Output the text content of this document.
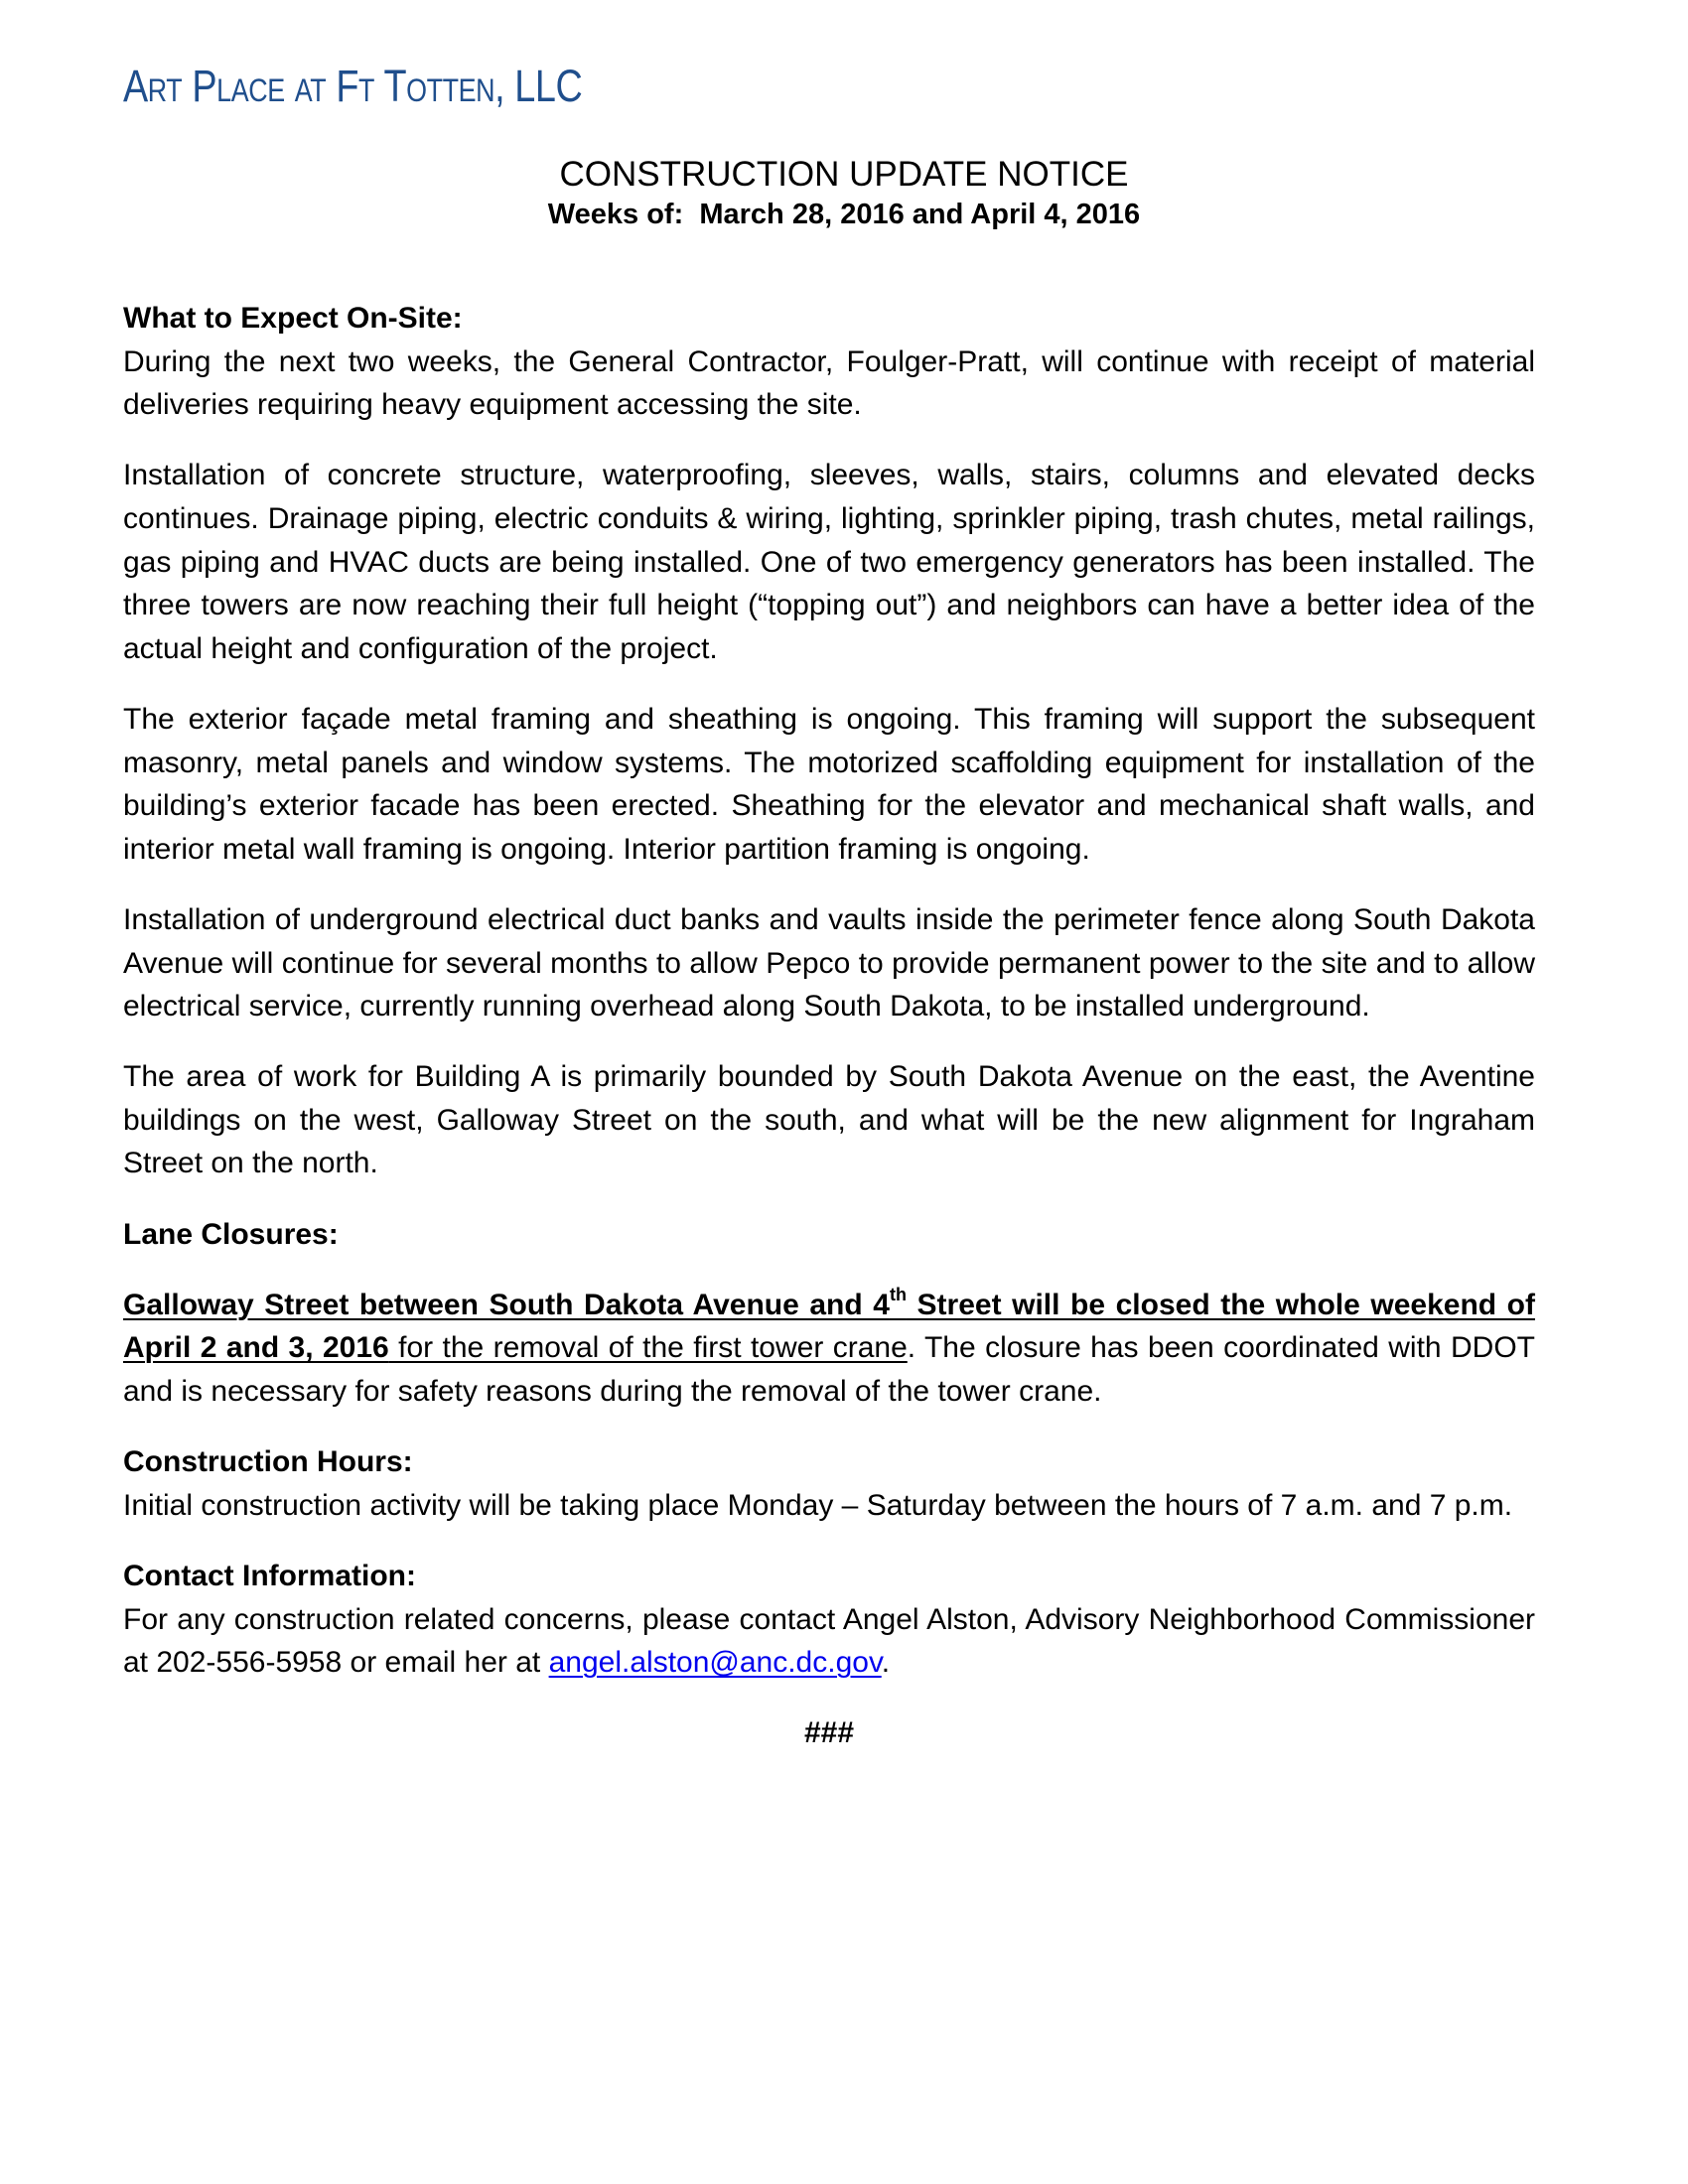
Art Place at Ft Totten, LLC
CONSTRUCTION UPDATE NOTICE
Weeks of:  March 28, 2016 and April 4, 2016

What to Expect On-Site:

During the next two weeks, the General Contractor, Foulger-Pratt, will continue with receipt of material deliveries requiring heavy equipment accessing the site.

Installation of concrete structure, waterproofing, sleeves, walls, stairs, columns and elevated decks continues. Drainage piping, electric conduits & wiring, lighting, sprinkler piping, trash chutes, metal railings, gas piping and HVAC ducts are being installed. One of two emergency generators has been installed. The three towers are now reaching their full height (“topping out”) and neighbors can have a better idea of the actual height and configuration of the project.

The exterior façade metal framing and sheathing is ongoing. This framing will support the subsequent masonry, metal panels and window systems. The motorized scaffolding equipment for installation of the building’s exterior facade has been erected. Sheathing for the elevator and mechanical shaft walls, and interior metal wall framing is ongoing. Interior partition framing is ongoing.

Installation of underground electrical duct banks and vaults inside the perimeter fence along South Dakota Avenue will continue for several months to allow Pepco to provide permanent power to the site and to allow electrical service, currently running overhead along South Dakota, to be installed underground.

The area of work for Building A is primarily bounded by South Dakota Avenue on the east, the Aventine buildings on the west, Galloway Street on the south, and what will be the new alignment for Ingraham Street on the north.

Lane Closures:

Galloway Street between South Dakota Avenue and 4th Street will be closed the whole weekend of April 2 and 3, 2016 for the removal of the first tower crane. The closure has been coordinated with DDOT and is necessary for safety reasons during the removal of the tower crane.

Construction Hours:

Initial construction activity will be taking place Monday – Saturday between the hours of 7 a.m. and 7 p.m.

Contact Information:

For any construction related concerns, please contact Angel Alston, Advisory Neighborhood Commissioner at 202-556-5958 or email her at angel.alston@anc.dc.gov.

###
